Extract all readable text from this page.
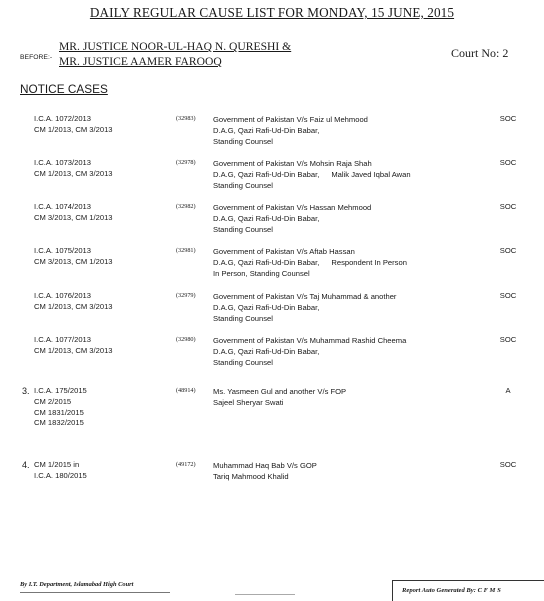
DAILY REGULAR CAUSE LIST FOR MONDAY, 15 JUNE, 2015
BEFORE:-
MR. JUSTICE NOOR-UL-HAQ N. QURESHI &
MR. JUSTICE AAMER FAROOQ
Court No: 2
NOTICE CASES
I.C.A. 1072/2013
CM 1/2013, CM 3/2013
(32983) Government of Pakistan V/s Faiz ul Mehmood
D.A.G, Qazi Rafi-Ud-Din Babar,
Standing Counsel
SOC
I.C.A. 1073/2013
CM 1/2013, CM 3/2013
(32978) Government of Pakistan V/s Mohsin Raja Shah
D.A.G, Qazi Rafi-Ud-Din Babar, Malik Javed Iqbal Awan
Standing Counsel
SOC
I.C.A. 1074/2013
CM 3/2013, CM 1/2013
(32982) Government of Pakistan V/s Hassan Mehmood
D.A.G, Qazi Rafi-Ud-Din Babar,
Standing Counsel
SOC
I.C.A. 1075/2013
CM 3/2013, CM 1/2013
(32981) Government of Pakistan V/s Aftab Hassan
D.A.G, Qazi Rafi-Ud-Din Babar, Respondent In Person
In Person, Standing Counsel
SOC
I.C.A. 1076/2013
CM 1/2013, CM 3/2013
(32979) Government of Pakistan V/s Taj Muhammad & another
D.A.G, Qazi Rafi-Ud-Din Babar,
Standing Counsel
SOC
I.C.A. 1077/2013
CM 1/2013, CM 3/2013
(32980) Government of Pakistan V/s Muhammad Rashid Cheema
D.A.G, Qazi Rafi-Ud-Din Babar,
Standing Counsel
SOC
3. I.C.A. 175/2015
CM 2/2015
CM 1831/2015
CM 1832/2015
(48914) Ms. Yasmeen Gul and another V/s FOP
Sajeel Sheryar Swati
A
4. CM 1/2015 in
I.C.A. 180/2015
(49172) Muhammad Haq Bab V/s GOP
Tariq Mahmood Khalid
SOC
By I.T. Department, Islamabad High Court
Report Auto Generated By: C F M S
